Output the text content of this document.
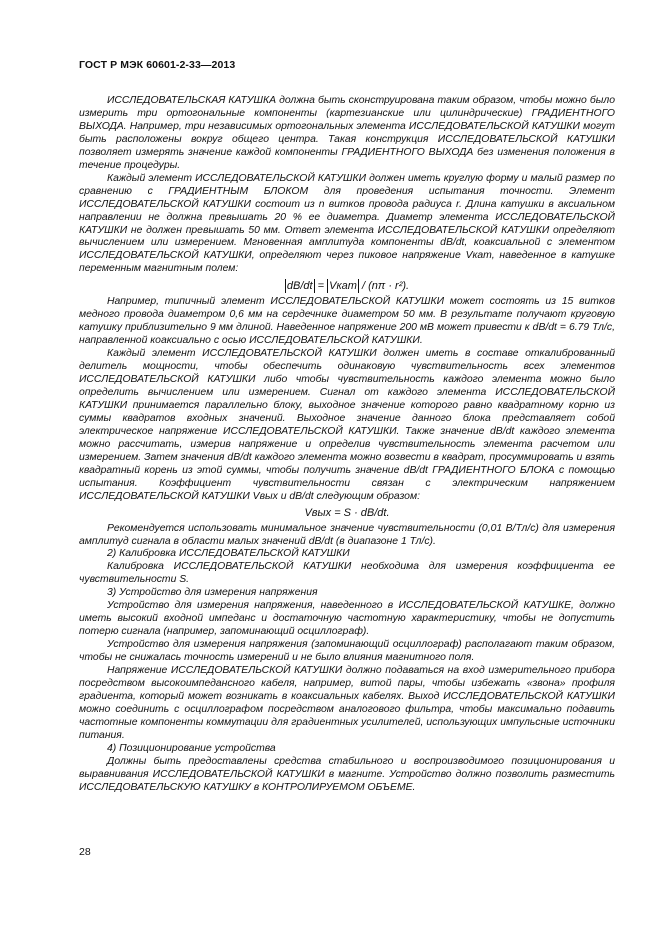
ГОСТ Р МЭК 60601-2-33—2013

ИССЛЕДОВАТЕЛЬСКАЯ КАТУШКА должна быть сконструирована таким образом, чтобы можно было измерить три ортогональные компоненты (картезианские или цилиндрические) ГРАДИЕНТНОГО ВЫХОДА. Например, три независимых ортогональных элемента ИССЛЕДОВАТЕЛЬСКОЙ КАТУШКИ могут быть расположены вокруг общего центра. Такая конструкция ИССЛЕДОВАТЕЛЬСКОЙ КАТУШКИ позволяет измерять значение каждой компоненты ГРАДИЕНТНОГО ВЫХОДА без изменения положения в течение процедуры.

Каждый элемент ИССЛЕДОВАТЕЛЬСКОЙ КАТУШКИ должен иметь круглую форму и малый размер по сравнению с ГРАДИЕНТНЫМ БЛОКОМ для проведения испытания точности. Элемент ИССЛЕДОВАТЕЛЬСКОЙ КАТУШКИ состоит из n витков провода радиуса r. Длина катушки в аксиальном направлении не должна превышать 20 % ее диаметра. Диаметр элемента ИССЛЕДОВАТЕЛЬСКОЙ КАТУШКИ не должен превышать 50 мм. Ответ элемента ИССЛЕДОВАТЕЛЬСКОЙ КАТУШКИ определяют вычислением или измерением. Мгновенная амплитуда компоненты dB/dt, коаксиальной с элементом ИССЛЕДОВАТЕЛЬСКОЙ КАТУШКИ, определяют через пиковое напряжение Vкат, наведенное в катушке переменным магнитным полем:

dB/dt = Vкат / (nπ · r²).

Например, типичный элемент ИССЛЕДОВАТЕЛЬСКОЙ КАТУШКИ может состоять из 15 витков медного провода диаметром 0,6 мм на сердечнике диаметром 50 мм. В результате получают круговую катушку приблизительно 9 мм длиной. Наведенное напряжение 200 мВ может привести к dB/dt = 6.79 Тл/с, направленной коаксиально с осью ИССЛЕДОВАТЕЛЬСКОЙ КАТУШКИ.

Каждый элемент ИССЛЕДОВАТЕЛЬСКОЙ КАТУШКИ должен иметь в составе откалиброванный делитель мощности, чтобы обеспечить одинаковую чувствительность всех элементов ИССЛЕДОВАТЕЛЬСКОЙ КАТУШКИ либо чтобы чувствительность каждого элемента можно было определить вычислением или измерением. Сигнал от каждого элемента ИССЛЕДОВАТЕЛЬСКОЙ КАТУШКИ принимается параллельно блоку, выходное значение которого равно квадратному корню из суммы квадратов входных значений. Выходное значение данного блока представляет собой электрическое напряжение ИССЛЕДОВАТЕЛЬСКОЙ КАТУШКИ. Также значение dB/dt каждого элемента можно рассчитать, измерив напряжение и определив чувствительность элемента расчетом или измерением. Затем значения dB/dt каждого элемента можно возвести в квадрат, просуммировать и взять квадратный корень из этой суммы, чтобы получить значение dB/dt ГРАДИЕНТНОГО БЛОКА с помощью испытания. Коэффициент чувствительности связан с электрическим напряжением ИССЛЕДОВАТЕЛЬСКОЙ КАТУШКИ Vвых и dB/dt следующим образом:

Vвых = S · dB/dt.

Рекомендуется использовать минимальное значение чувствительности (0,01 В/Тл/с) для измерения амплитуд сигнала в области малых значений dB/dt (в диапазоне 1 Тл/с).

2) Калибровка ИССЛЕДОВАТЕЛЬСКОЙ КАТУШКИ

Калибровка ИССЛЕДОВАТЕЛЬСКОЙ КАТУШКИ необходима для измерения коэффициента ее чувствительности S.

3) Устройство для измерения напряжения

Устройство для измерения напряжения, наведенного в ИССЛЕДОВАТЕЛЬСКОЙ КАТУШКЕ, должно иметь высокий входной импеданс и достаточную частотную характеристику, чтобы не допустить потерю сигнала (например, запоминающий осциллограф).

Устройство для измерения напряжения (запоминающий осциллограф) располагают таким образом, чтобы не снижалась точность измерений и не было влияния магнитного поля.

Напряжение ИССЛЕДОВАТЕЛЬСКОЙ КАТУШКИ должно подаваться на вход измерительного прибора посредством высокоимпедансного кабеля, например, витой пары, чтобы избежать «звона» профиля градиента, который может возникать в коаксиальных кабелях. Выход ИССЛЕДОВАТЕЛЬСКОЙ КАТУШКИ можно соединить с осциллографом посредством аналогового фильтра, чтобы максимально подавить частотные компоненты коммутации для градиентных усилителей, использующих импульсные источники питания.

4) Позиционирование устройства

Должны быть предоставлены средства стабильного и воспроизводимого позиционирования и выравнивания ИССЛЕДОВАТЕЛЬСКОЙ КАТУШКИ в магните. Устройство должно позволить разместить ИССЛЕДОВАТЕЛЬСКУЮ КАТУШКУ в КОНТРОЛИРУЕМОМ ОБЪЕМЕ.

28
